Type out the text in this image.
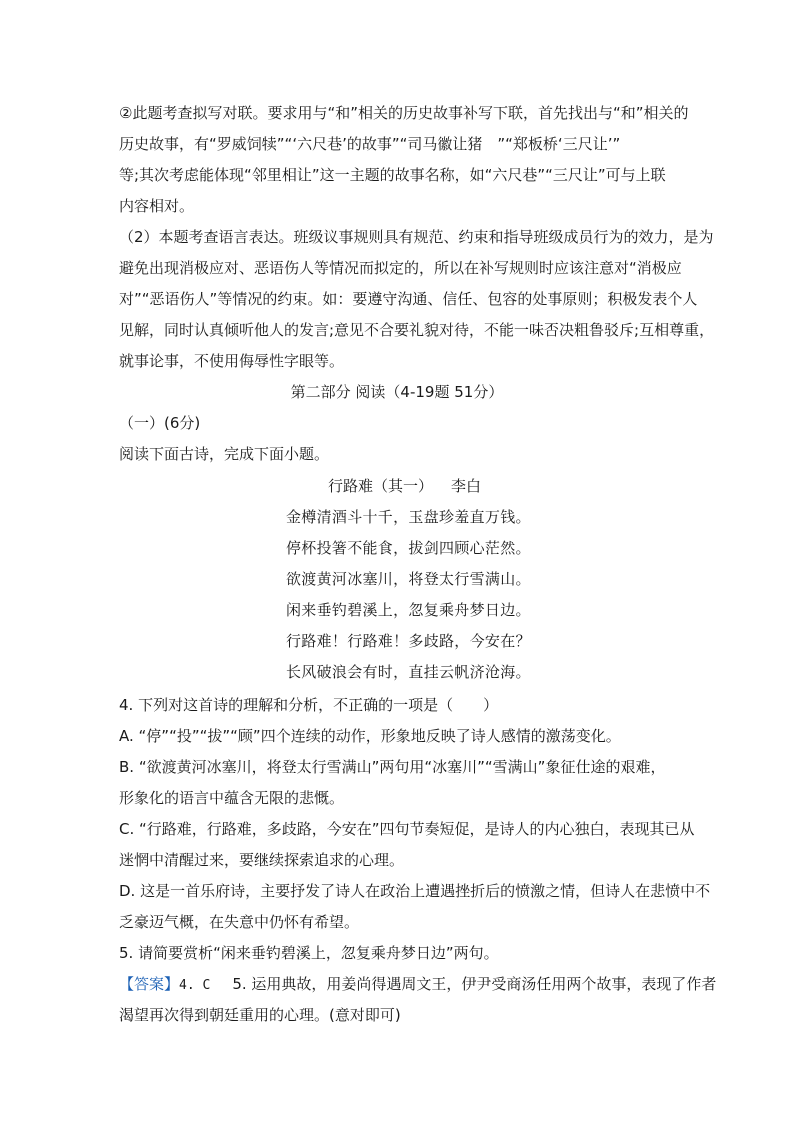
②此题考查拟写对联。要求用与“和”相关的历史故事补写下联，首先找出与“和”相关的
历史故事，有“罗威饲犊”“‘六尺巷’的故事”“司马徽让猪　”“郑板桥‘三尺让’”
等;其次考虑能体现“邻里相让”这一主题的故事名称，如“六尺巷”“三尺让”可与上联
内容相对。
（2）本题考查语言表达。班级议事规则具有规范、约束和指导班级成员行为的效力，是为
避免出现消极应对、恶语伤人等情况而拟定的，所以在补写规则时应该注意对“消极应
对”“恶语伤人”等情况的约束。如：要遵守沟通、信任、包容的处事原则；积极发表个人
见解，同时认真倾听他人的发言;意见不合要礼貌对待，不能一味否决粗鲁驳斥;互相尊重，
就事论事，不使用侮辱性字眼等。
第二部分 阅读（4-19题 51分）
（一）(6分)
阅读下面古诗，完成下面小题。
行路难（其一） 李白
金樽清酒斗十千，玉盘珍羞直万钱。
停杯投箸不能食，拔剑四顾心茫然。
欲渡黄河冰塞川，将登太行雪满山。
闲来垂钓碧溪上，忽复乘舟梦日边。
行路难！行路难！多歧路，今安在？
长风破浪会有时，直挂云帆济沧海。
4. 下列对这首诗的理解和分析，不正确的一项是（　　）
A. “停”“投”“拔”“顾”四个连续的动作，形象地反映了诗人感情的激荡变化。
B. “欲渡黄河冰塞川，将登太行雪满山”两句用“冰塞川”“雪满山”象征仕途的艰难，
形象化的语言中蕴含无限的悲慨。
C. “行路难，行路难，多歧路，今安在”四句节奏短促，是诗人的内心独白，表现其已从
迷惘中清醒过来，要继续探索追求的心理。
D. 这是一首乐府诗，主要抒发了诗人在政治上遭遇挫折后的愤激之情，但诗人在悲愤中不
乏豪迈气概，在失意中仍怀有希望。
5. 请简要赏析“闲来垂钓碧溪上，忽复乘舟梦日边”两句。
【答案】4. C 5. 运用典故，用姜尚得遇周文王，伊尹受商汤任用两个故事，表现了作者
渴望再次得到朝廷重用的心理。(意对即可)
